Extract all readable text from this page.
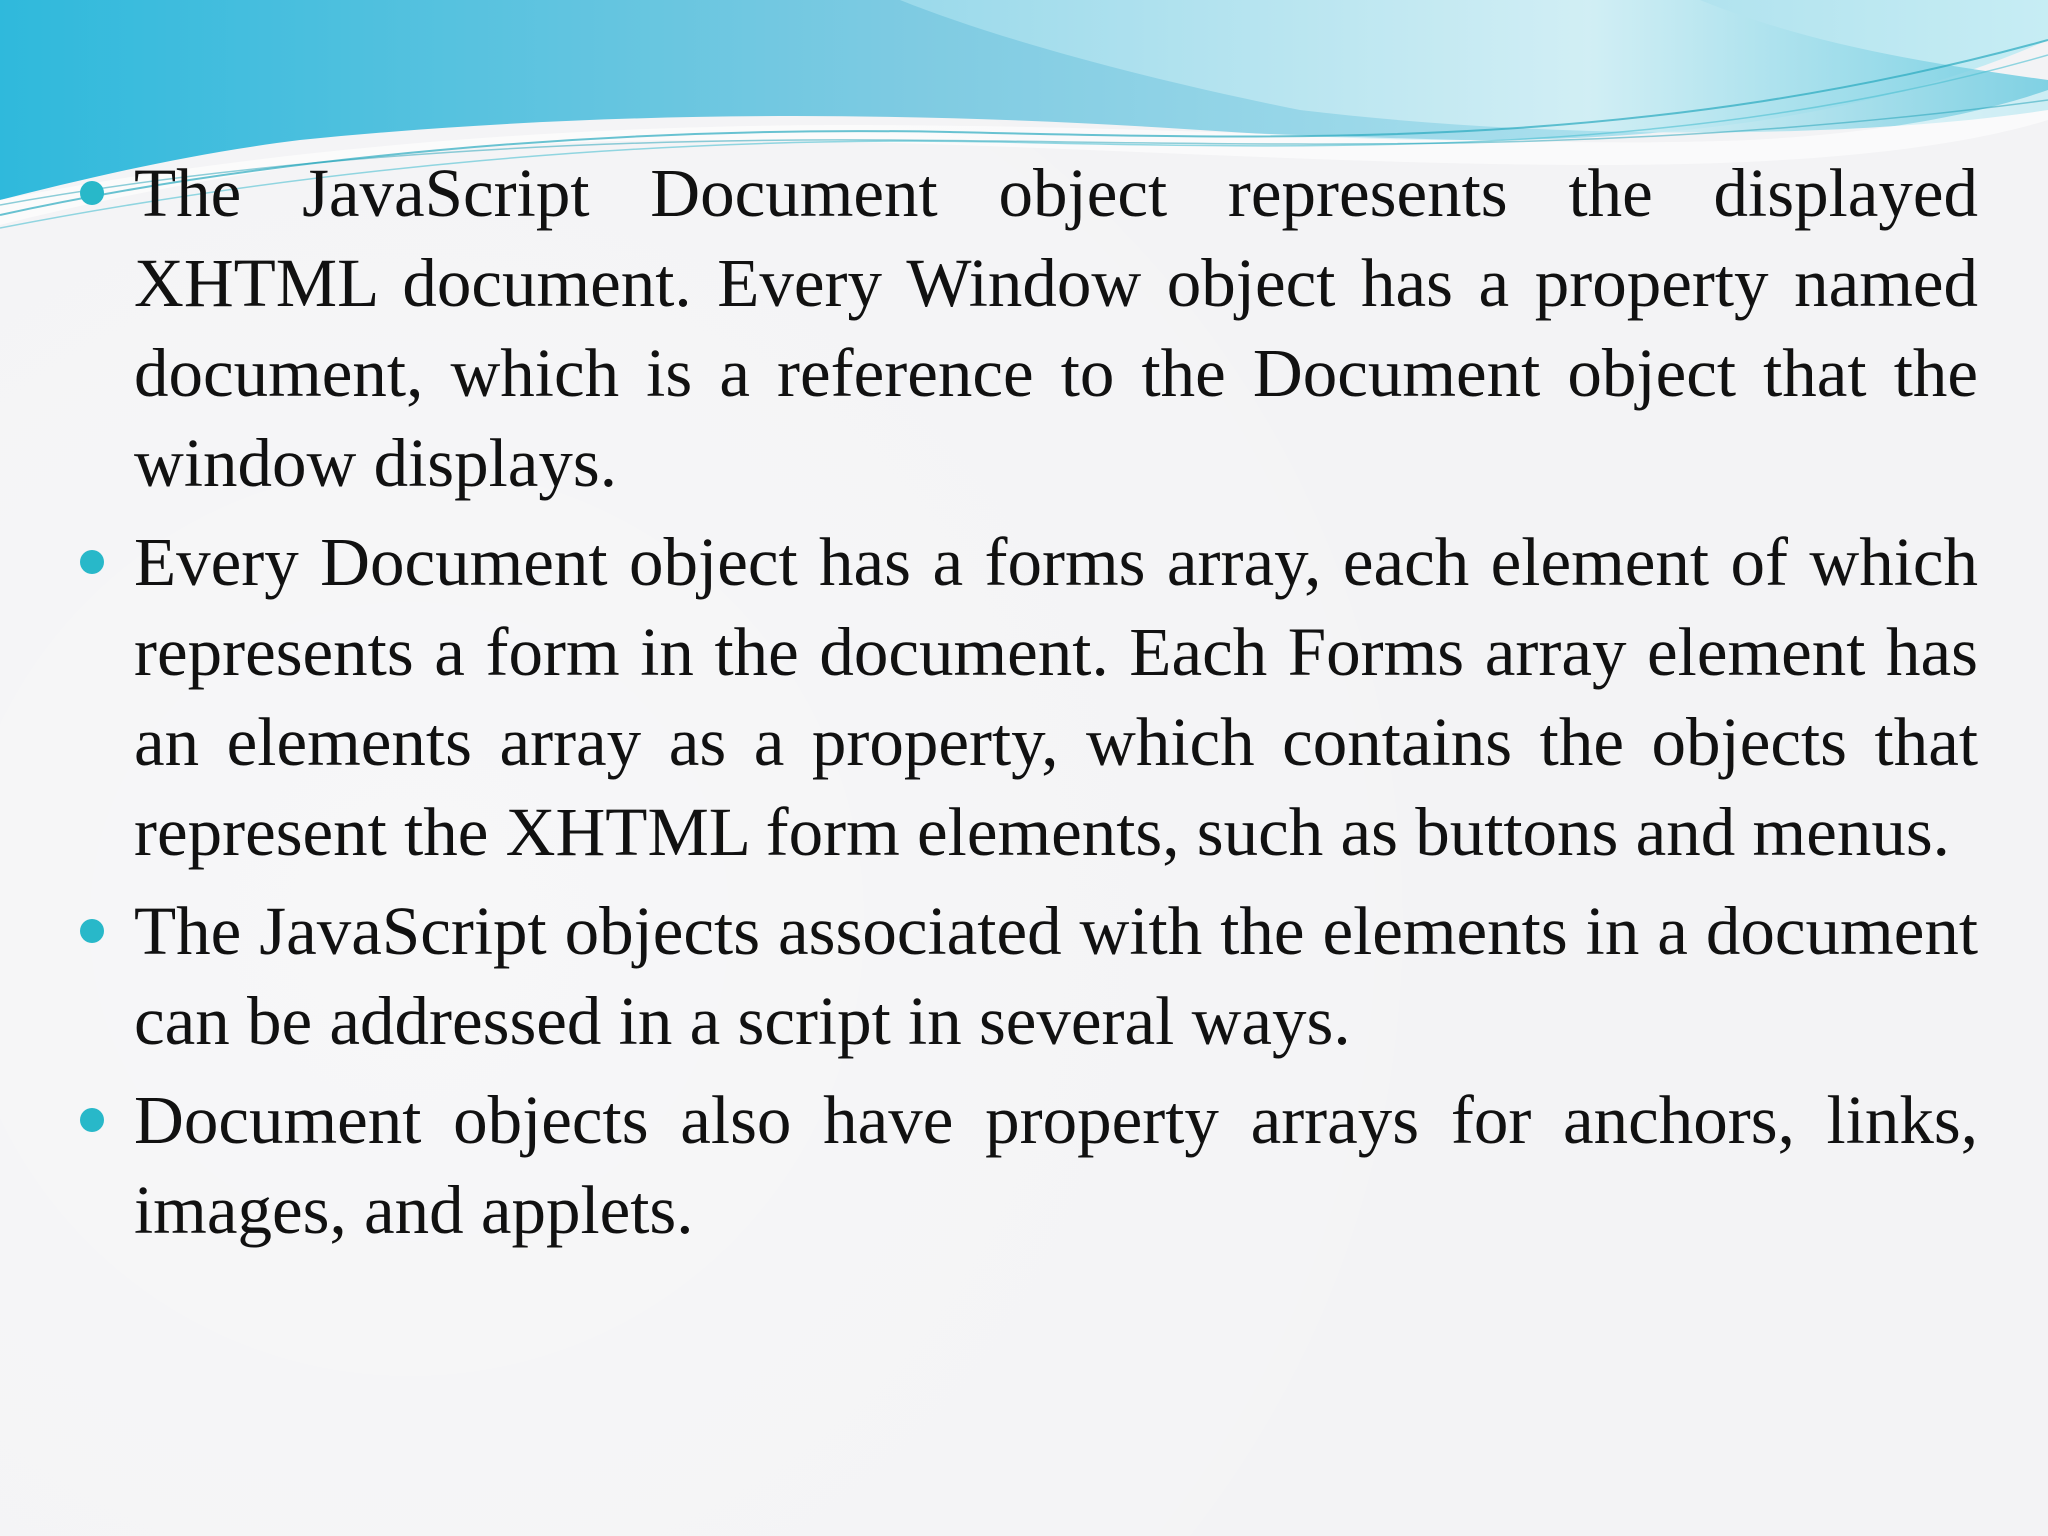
The JavaScript Document object represents the displayed XHTML document. Every Window object has a property named document, which is a reference to the Document object that the window displays.
Every Document object has a forms array, each element of which represents a form in the document. Each Forms array element has an elements array as a property, which contains the objects that represent the XHTML form elements, such as buttons and menus.
The JavaScript objects associated with the elements in a document can be addressed in a script in several ways.
Document objects also have property arrays for anchors, links, images, and applets.
